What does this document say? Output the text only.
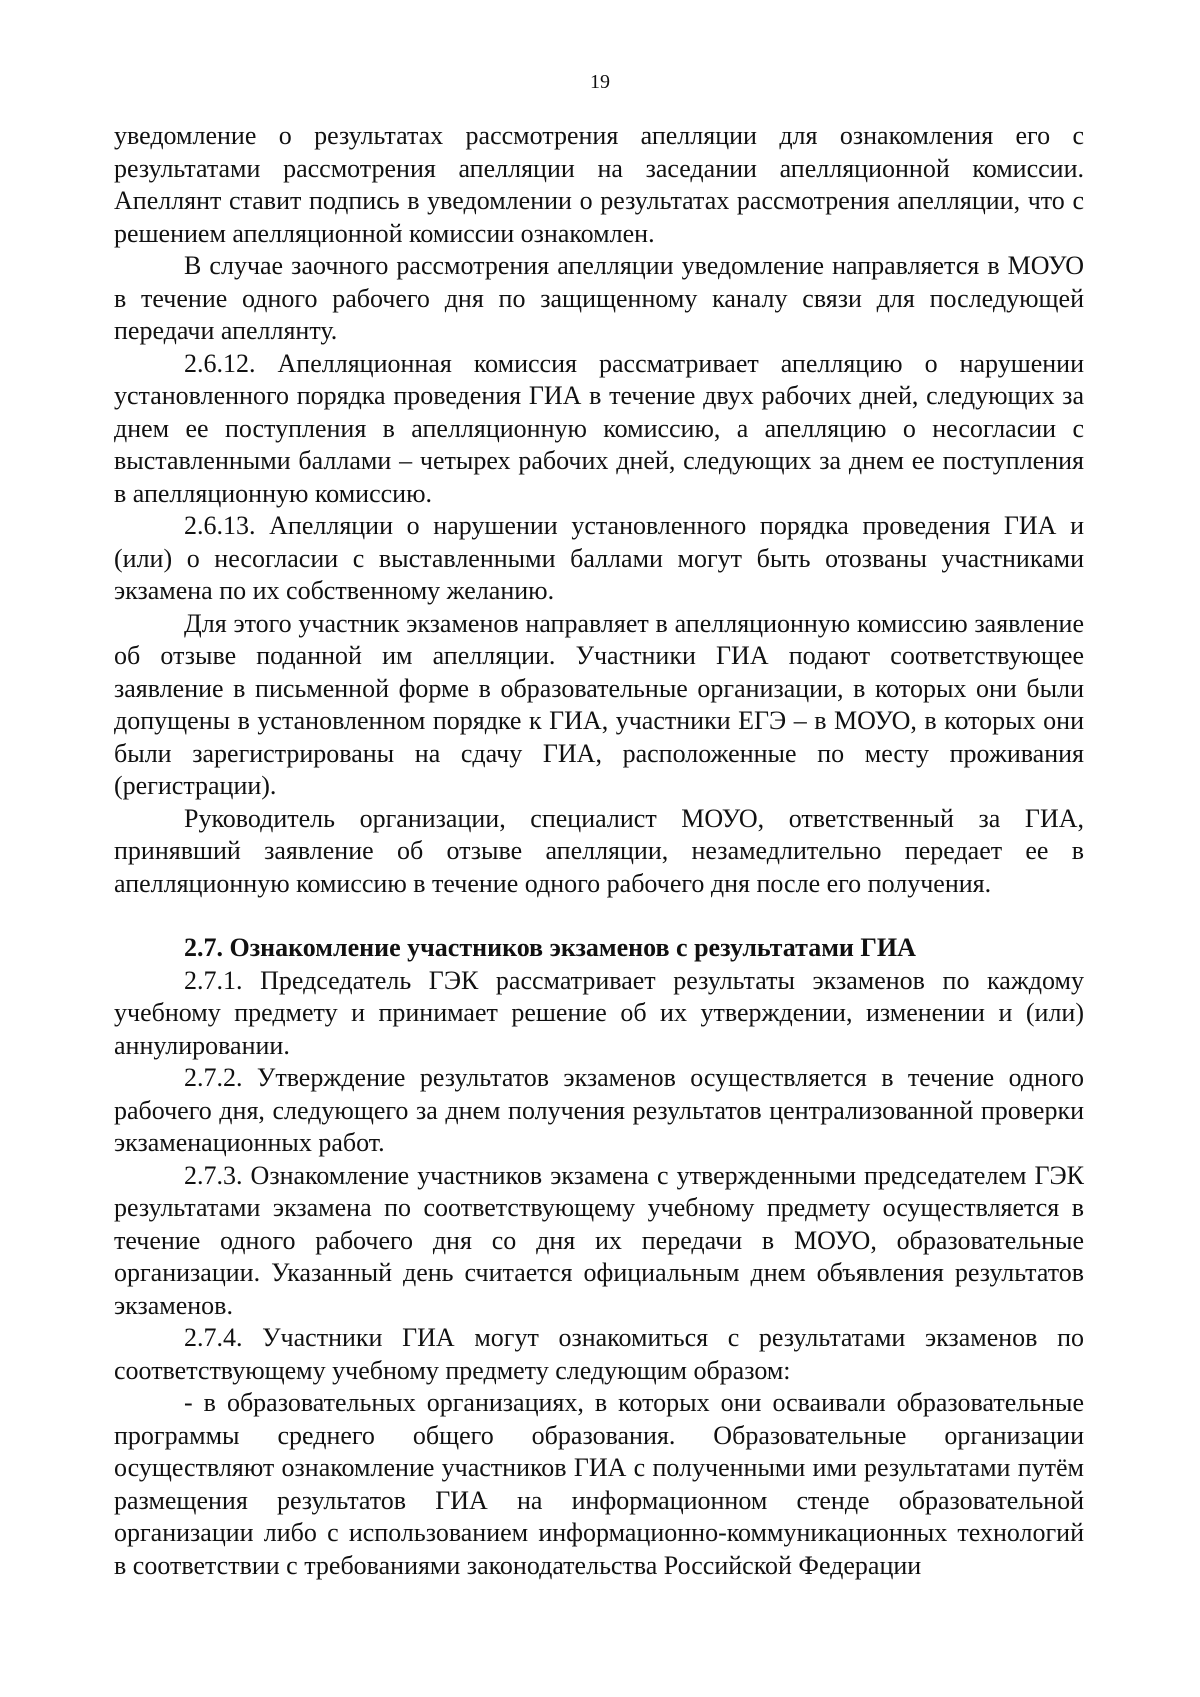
19

уведомление о результатах рассмотрения апелляции для ознакомления его с результатами рассмотрения апелляции на заседании апелляционной комиссии. Апеллянт ставит подпись в уведомлении о результатах рассмотрения апелляции, что с решением апелляционной комиссии ознакомлен.

В случае заочного рассмотрения апелляции уведомление направляется в МОУО в течение одного рабочего дня по защищенному каналу связи для последующей передачи апеллянту.

2.6.12. Апелляционная комиссия рассматривает апелляцию о нарушении установленного порядка проведения ГИА в течение двух рабочих дней, следующих за днем ее поступления в апелляционную комиссию, а апелляцию о несогласии с выставленными баллами – четырех рабочих дней, следующих за днем ее поступления в апелляционную комиссию.

2.6.13. Апелляции о нарушении установленного порядка проведения ГИА и (или) о несогласии с выставленными баллами могут быть отозваны участниками экзамена по их собственному желанию.

Для этого участник экзаменов направляет в апелляционную комиссию заявление об отзыве поданной им апелляции. Участники ГИА подают соответствующее заявление в письменной форме в образовательные организации, в которых они были допущены в установленном порядке к ГИА, участники ЕГЭ – в МОУО, в которых они были зарегистрированы на сдачу ГИА, расположенные по месту проживания (регистрации).

Руководитель организации, специалист МОУО, ответственный за ГИА, принявший заявление об отзыве апелляции, незамедлительно передает ее в апелляционную комиссию в течение одного рабочего дня после его получения.

2.7. Ознакомление участников экзаменов с результатами ГИА

2.7.1. Председатель ГЭК рассматривает результаты экзаменов по каждому учебному предмету и принимает решение об их утверждении, изменении и (или) аннулировании.

2.7.2. Утверждение результатов экзаменов осуществляется в течение одного рабочего дня, следующего за днем получения результатов централизованной проверки экзаменационных работ.

2.7.3. Ознакомление участников экзамена с утвержденными председателем ГЭК результатами экзамена по соответствующему учебному предмету осуществляется в течение одного рабочего дня со дня их передачи в МОУО, образовательные организации. Указанный день считается официальным днем объявления результатов экзаменов.

2.7.4. Участники ГИА могут ознакомиться с результатами экзаменов по соответствующему учебному предмету следующим образом:

- в образовательных организациях, в которых они осваивали образовательные программы среднего общего образования. Образовательные организации осуществляют ознакомление участников ГИА с полученными ими результатами путём размещения результатов ГИА на информационном стенде образовательной организации либо с использованием информационно-коммуникационных технологий в соответствии с требованиями законодательства Российской Федерации
